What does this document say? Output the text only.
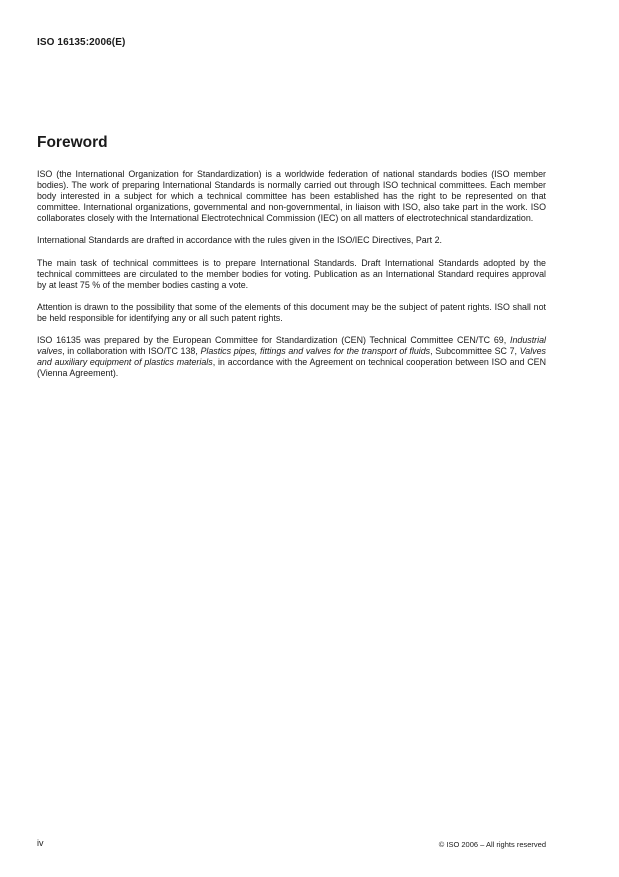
ISO 16135:2006(E)
Foreword

ISO (the International Organization for Standardization) is a worldwide federation of national standards bodies (ISO member bodies). The work of preparing International Standards is normally carried out through ISO technical committees. Each member body interested in a subject for which a technical committee has been established has the right to be represented on that committee. International organizations, governmental and non-governmental, in liaison with ISO, also take part in the work. ISO collaborates closely with the International Electrotechnical Commission (IEC) on all matters of electrotechnical standardization.

International Standards are drafted in accordance with the rules given in the ISO/IEC Directives, Part 2.

The main task of technical committees is to prepare International Standards. Draft International Standards adopted by the technical committees are circulated to the member bodies for voting. Publication as an International Standard requires approval by at least 75 % of the member bodies casting a vote.

Attention is drawn to the possibility that some of the elements of this document may be the subject of patent rights. ISO shall not be held responsible for identifying any or all such patent rights.

ISO 16135 was prepared by the European Committee for Standardization (CEN) Technical Committee CEN/TC 69, Industrial valves, in collaboration with ISO/TC 138, Plastics pipes, fittings and valves for the transport of fluids, Subcommittee SC 7, Valves and auxiliary equipment of plastics materials, in accordance with the Agreement on technical cooperation between ISO and CEN (Vienna Agreement).

iv	© ISO 2006 – All rights reserved
